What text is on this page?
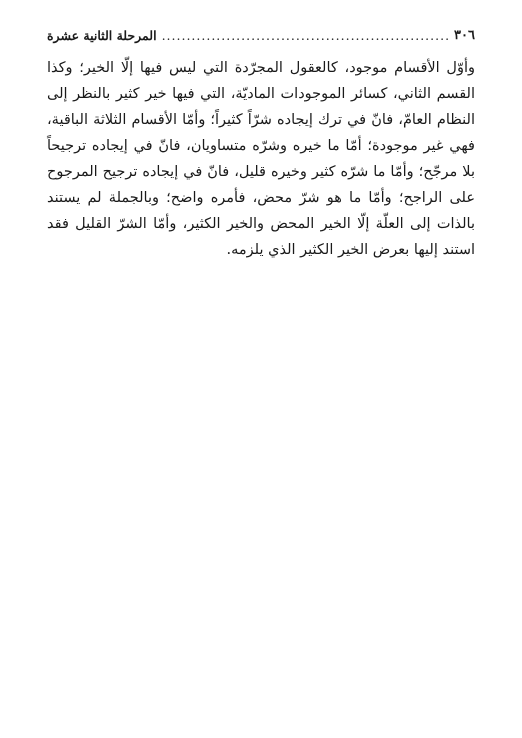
٣٠٦
.....
المرحلة الثانية عشرة

وأوّل الأقسام موجود، كالعقول المجرّدة التي ليس فيها إلّا الخير؛ وكذا القسم الثاني، كسائر الموجودات الماديّة، التي فيها خير كثير بالنظر إلى النظام العامّ، فانّ في ترك إيجاده شرّاً كثيراً؛ وأمّا الأقسام الثلاثة الباقية، فهي غير موجودة؛ أمّا ما خيره وشرّه متساويان، فانّ في إيجاده ترجيحاً بلا مرجّح؛ وأمّا ما شرّه كثير وخيره قليل، فانّ في إيجاده ترجيح المرجوح على الراجح؛ وأمّا ما هو شرّ محض، فأمره واضح؛ وبالجملة لم يستند بالذات إلى العلّة إلّا الخير المحض والخير الكثير، وأمّا الشرّ القليل فقد استند إليها بعرض الخير الكثير الذي يلزمه.
